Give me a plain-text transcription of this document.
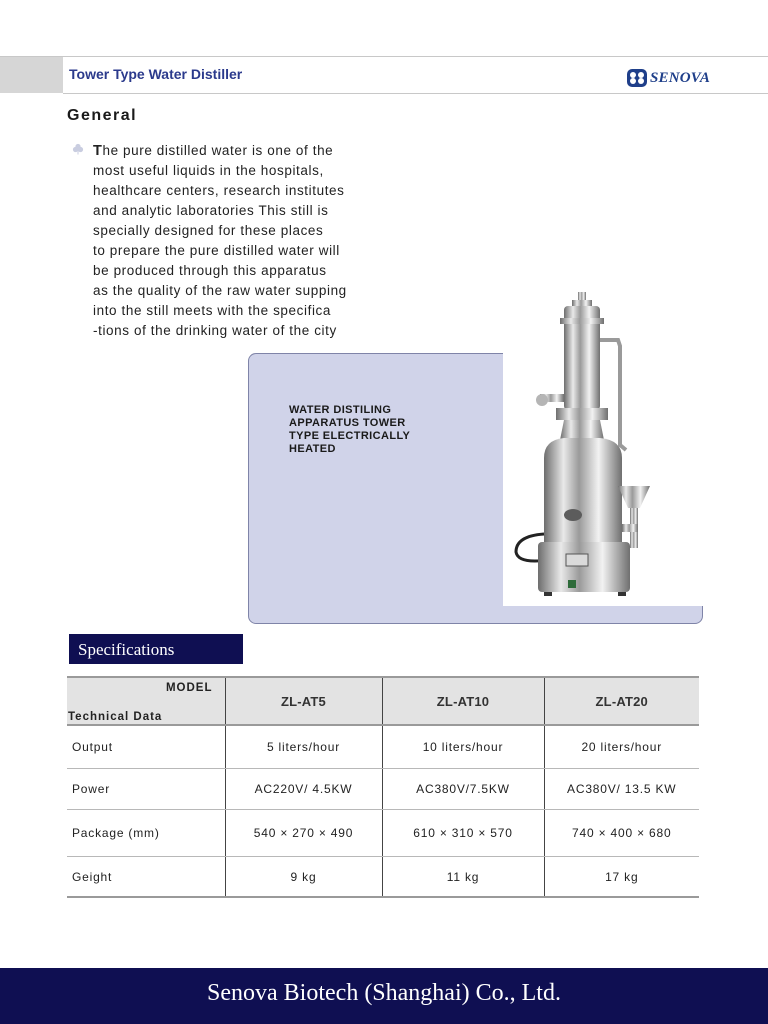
Tower Type Water Distiller	SENOVA
General
The pure distilled water is one of the
most useful liquids in the hospitals,
healthcare centers, research institutes
and analytic laboratories This still is
specially designed for these places
to prepare the pure distilled water will
be produced through this apparatus
as the quality of the raw water supping
into the still meets with the specifica
-tions of the drinking water of the city
WATER DISTILING
APPARATUS TOWER
TYPE ELECTRICALLY
HEATED
Specifications
MODEL
Technical Data	ZL-AT5	ZL-AT10	ZL-AT20
Output	5 liters/hour	10 liters/hour	20 liters/hour
Power	AC220V/ 4.5KW	AC380V/7.5KW	AC380V/ 13.5 KW
Package (mm)	540 × 270 × 490	610 × 310 × 570	740 × 400 × 680
Geight	9 kg	11 kg	17 kg
Senova Biotech (Shanghai) Co., Ltd.
